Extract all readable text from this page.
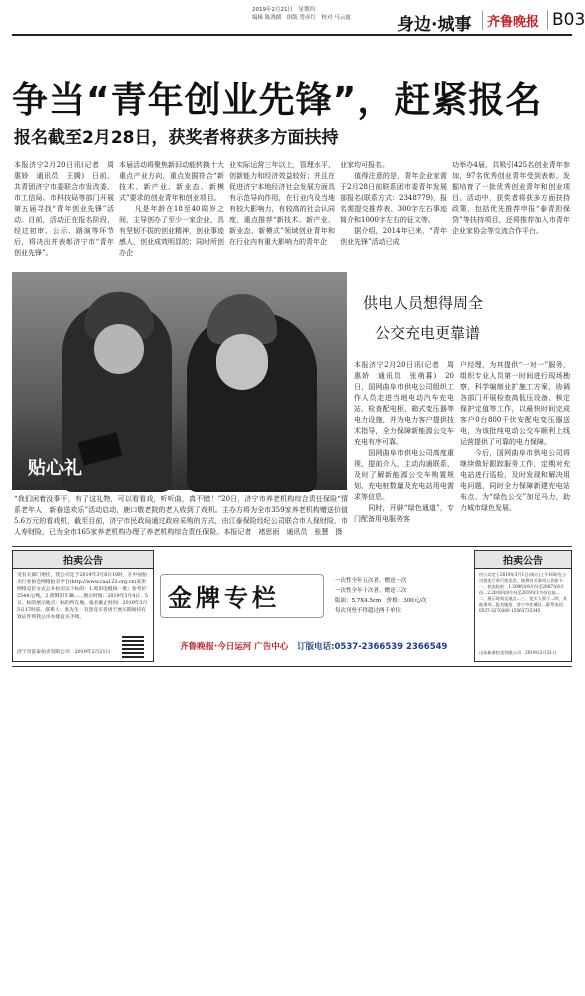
2019年2月21日　星期四
编辑 陈鸿儒　组版 曾彦红　校对 马云霞	身边·城事	齐鲁晚报 B03
争当“青年创业先锋”，赶紧报名
报名截至2月28日，获奖者将获多方面扶持
本报济宁2月20日讯(记者　周惠娇　通讯员　王腾)　日前，共青团济宁市委联合市发改委、市工信局、市科技局等部门开展第五届寻找“青年创业先锋”活动。目前，活动正在报名阶段，经过初审、公示、路演等环节后，将决出并表彰济宁市“青年创业先锋”。
本届活动将聚焦新旧动能转换十大重点产业方向，重点发掘符合“新技术、新产业、新业态、新模式”要求的创业青年和创业项目。
　　凡是年龄在18至40周岁之间，主导创办了至少一家企业，具有坚韧不拔的创业精神，创业事迹感人，创业成效明显的；同时所创办企
业实际运营三年以上，管理水平、创新能力和经济效益较好；并且在促进济宁本地经济社会发展方面具有示范导向作用，在行业内及当地有较大影响力，有较高的社会认同度，重点推荐“新技术、新产业、新业态、新模式”领域创业青年和在行业内有重大影响力的青年企
业家均可报名。
　　值得注意的是，青年企业家需于2月28日前联系团市委青年发展部报名(联系方式：2348779)，报名需提交推荐表、300字左右事迹简介和1000字左右的征文等。
　　据介绍，2014年已来，“青年创业先锋”活动已成
功举办4届，共吸引425名创业青年参加，97名优秀创业青年受到表彰，发掘培育了一批优秀创业青年和创业项目。活动中，获奖者将获多方面扶持政策，包括优先推荐申报“泰青担保贷”等扶持项目，还将推荐加入市青年企业家协会等交流合作平台。
贴心礼
“我们闲着没事干，有了这礼物，可以看看戏，听听曲，真不错！”20日，济宁市养老机构综合责任保险“情系老年人　新春送欢乐”活动启动，鹿口敬老院的老人收到了戏机。主办方将为全市359家养老机构赠送价值5.6万元的看戏机，截至目前，济宁市民政局通过政府采购的方式，由江泰保险经纪公司联合市人保财险、市人寿财险，已为全市165家养老机构办理了养老机构综合责任保险。本报记者　褚思雨　通讯员　张慧　摄
供电人员想得周全
公交充电更靠谱
本报济宁2月20日讯(记者　周惠娇　通讯员　张萌暮)　20日，国网曲阜市供电公司组织工作人员走进当地电动汽车充电站，检查配电柜、箱式变压器等电力设施，并为电力客户提供技术指导，全力保障新能源公交车充电有序可靠。
　　国网曲阜市供电公司高度重视，提前介入，主动沟通联系，及时了解新能源公交车购置规划、充电桩数量及充电站用电需求等信息。
　　同时，开辟“绿色通道”，专门配备用电服务客
户经理，为其提供“一对一”服务，组织专业人员第一时间进行现场勘察，科学编制业扩施工方案，协调各部门开展检查高低压设备、核定保护定值等工作，以最快时间完成客户0台800千伏安配电变压器送电，为该批纯电动公交车顺利上线运营提供了可靠的电力保障。
　　今后，国网曲阜市供电公司将继续做好跟踪服务工作，定期对充电站进行巡检，及时发现和解决用电问题，同时全力保障新建充电站布点、为“绿色公交”加足马力，助力城市绿色发展。
拍卖公告
受有关部门委托，我公司定于2019年3月6日10时，在中国拍卖行业协会网络拍卖平台(http://www.caa123.org.cn)采用网络竞价方式公开拍卖以下标的：1.废旧电缆线一批；参考价2544元/吨。2.废钢旧车辆……展示时间：2019年3月4日、5日。标的展示地点：标的所在地。报名截止时间：2019年3月5日17时前。联系人：张先生　有意竞买者请于展示期间持有效证件到我公司办理竞买手续。
济宁市富泰拍卖有限公司　2019年2月21日
金牌专栏
一次性全年五次者，赠送一次
一次性全年十次者，赠送三次
版面：5.7X4.5cm　价格：300元/次
每次刊登不得超过两千单位
齐鲁晚报·今日运河 广告中心 订版电话:0537-2366539 2366549
拍卖公告
经公司定于2019年3月1日(周五)上午10时在公司拍卖厅举行拍卖会，现将有关事项公告如下：一、拍卖标的：1.2006年8月份至2007年6月份…2.2016年8月份至2019年1月份以前…二、展示时间及地点…三、竞买人须于…四、其他事项…报名地址：济宁市任城区…联系电话：0537-3270360 13563733345
山东新泰拍卖有限公司　2019年2月21日
